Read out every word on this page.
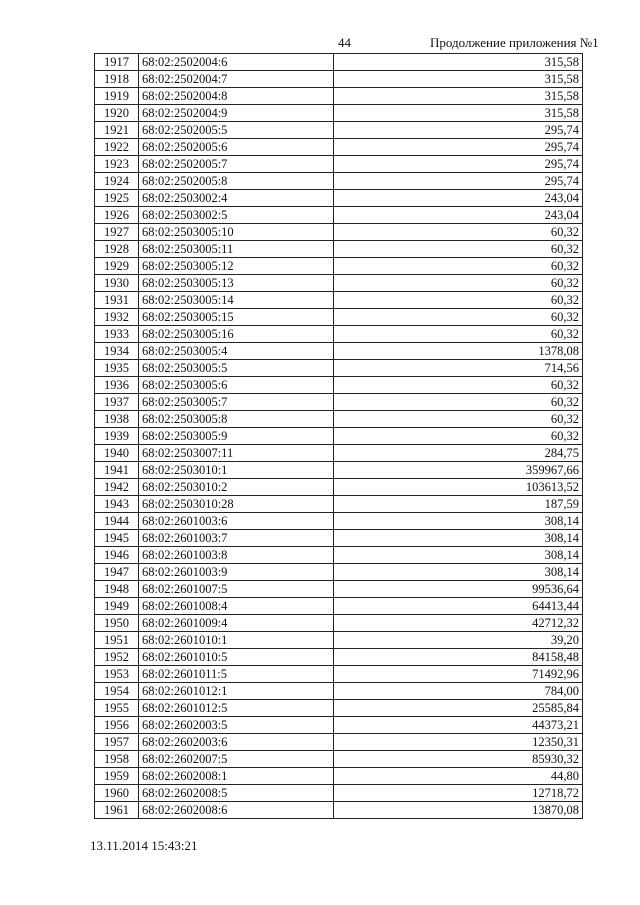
44	Продолжение приложения №1
1917	68:02:2502004:6	315,58
1918	68:02:2502004:7	315,58
1919	68:02:2502004:8	315,58
1920	68:02:2502004:9	315,58
1921	68:02:2502005:5	295,74
1922	68:02:2502005:6	295,74
1923	68:02:2502005:7	295,74
1924	68:02:2502005:8	295,74
1925	68:02:2503002:4	243,04
1926	68:02:2503002:5	243,04
1927	68:02:2503005:10	60,32
1928	68:02:2503005:11	60,32
1929	68:02:2503005:12	60,32
1930	68:02:2503005:13	60,32
1931	68:02:2503005:14	60,32
1932	68:02:2503005:15	60,32
1933	68:02:2503005:16	60,32
1934	68:02:2503005:4	1378,08
1935	68:02:2503005:5	714,56
1936	68:02:2503005:6	60,32
1937	68:02:2503005:7	60,32
1938	68:02:2503005:8	60,32
1939	68:02:2503005:9	60,32
1940	68:02:2503007:11	284,75
1941	68:02:2503010:1	359967,66
1942	68:02:2503010:2	103613,52
1943	68:02:2503010:28	187,59
1944	68:02:2601003:6	308,14
1945	68:02:2601003:7	308,14
1946	68:02:2601003:8	308,14
1947	68:02:2601003:9	308,14
1948	68:02:2601007:5	99536,64
1949	68:02:2601008:4	64413,44
1950	68:02:2601009:4	42712,32
1951	68:02:2601010:1	39,20
1952	68:02:2601010:5	84158,48
1953	68:02:2601011:5	71492,96
1954	68:02:2601012:1	784,00
1955	68:02:2601012:5	25585,84
1956	68:02:2602003:5	44373,21
1957	68:02:2602003:6	12350,31
1958	68:02:2602007:5	85930,32
1959	68:02:2602008:1	44,80
1960	68:02:2602008:5	12718,72
1961	68:02:2602008:6	13870,08
13.11.2014 15:43:21
